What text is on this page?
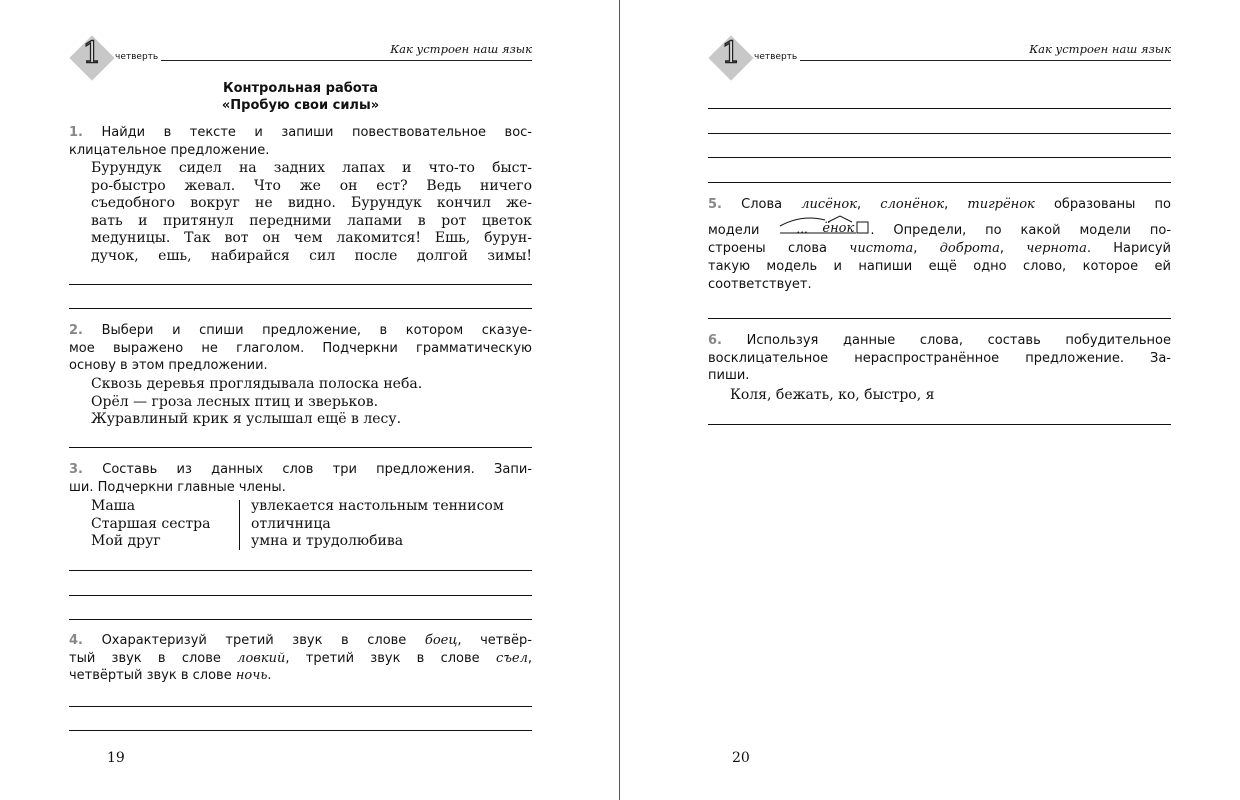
1	четверть
Как устроен наш язык
Контрольная работа
«Пробую свои силы»
1. Найди в тексте и запиши повествовательное вос-
клицательное предложение.
Бурундук сидел на задних лапах и что-то быст-
ро-быстро жевал. Что же он ест? Ведь ничего
съедобного вокруг не видно. Бурундук кончил же-
вать и притянул передними лапами в рот цветок
медуницы. Так вот он чем лакомится! Ешь, бурун-
дучок, ешь, набирайся сил после долгой зимы!
2. Выбери и спиши предложение, в котором сказуе-
мое выражено не глаголом. Подчеркни грамматическую
основу в этом предложении.
Сквозь деревья проглядывала полоска неба.
Орёл — гроза лесных птиц и зверьков.
Журавлиный крик я услышал ещё в лесу.
3. Составь из данных слов три предложения. Запи-
ши. Подчеркни главные члены.
Маша
Старшая сестра
Мой друг
увлекается настольным теннисом
отличница
умна и трудолюбива
4. Охарактеризуй третий звук в слове боец, четвёр-
тый звук в слове ловкий, третий звук в слове съел,
четвёртый звук в слове ночь.
19
1	четверть
Как устроен наш язык
5. Слова лисёнок, слонёнок, тигрёнок образованы по
модели ... ёнок . Определи, по какой модели по-
строены слова чистота, доброта, чернота. Нарисуй
такую модель и напиши ещё одно слово, которое ей
соответствует.
6. Используя данные слова, составь побудительное
восклицательное нераспространённое предложение. За-
пиши.
Коля, бежать, ко, быстро, я
20
